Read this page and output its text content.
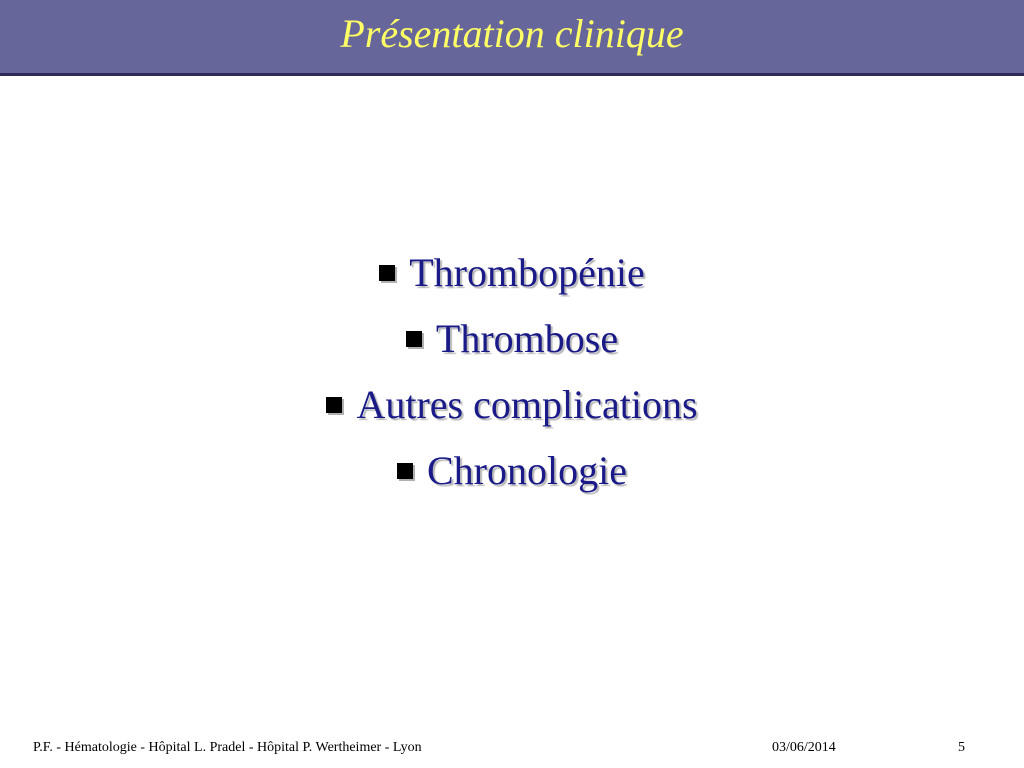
Présentation clinique
Thrombopénie
Thrombose
Autres complications
Chronologie
P.F. - Hématologie - Hôpital L. Pradel - Hôpital P. Wertheimer - Lyon	03/06/2014	5
